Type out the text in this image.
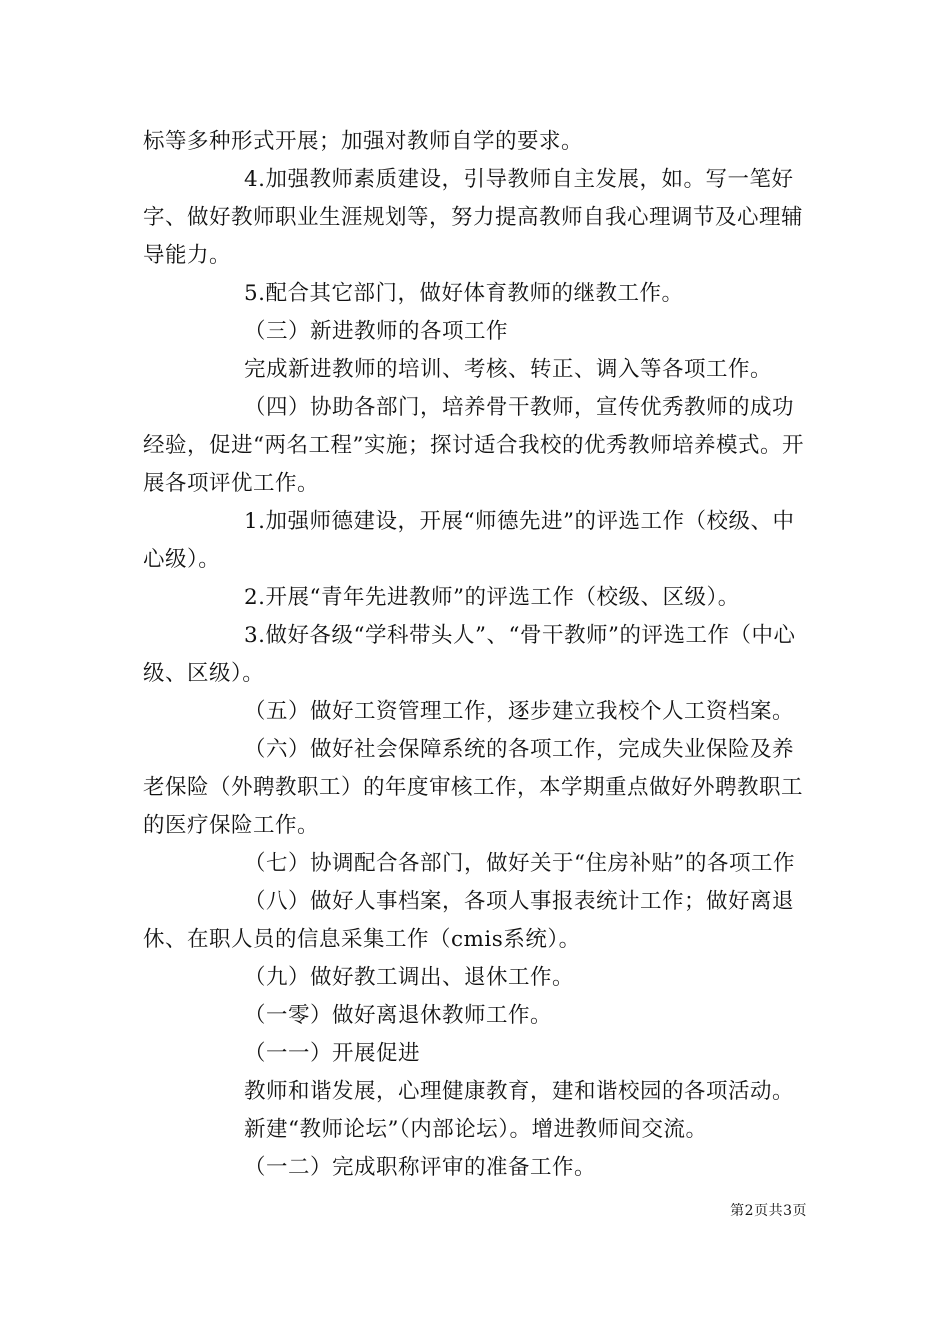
标等多种形式开展；加强对教师自学的要求。

4.加强教师素质建设，引导教师自主发展，如。写一笔好字、做好教师职业生涯规划等，努力提高教师自我心理调节及心理辅导能力。

5.配合其它部门，做好体育教师的继教工作。

（三）新进教师的各项工作

完成新进教师的培训、考核、转正、调入等各项工作。

（四）协助各部门，培养骨干教师，宣传优秀教师的成功经验，促进“两名工程”实施；探讨适合我校的优秀教师培养模式。开展各项评优工作。

1.加强师德建设，开展“师德先进”的评选工作（校级、中心级）。

2.开展“青年先进教师”的评选工作（校级、区级）。

3.做好各级“学科带头人”、“骨干教师”的评选工作（中心级、区级）。

（五）做好工资管理工作，逐步建立我校个人工资档案。

（六）做好社会保障系统的各项工作，完成失业保险及养老保险（外聘教职工）的年度审核工作，本学期重点做好外聘教职工的医疗保险工作。

（七）协调配合各部门，做好关于“住房补贴”的各项工作

（八）做好人事档案，各项人事报表统计工作；做好离退休、在职人员的信息采集工作（cmis系统）。

（九）做好教工调出、退休工作。

（一零）做好离退休教师工作。

（一一）开展促进

教师和谐发展，心理健康教育，建和谐校园的各项活动。

新建“教师论坛”（内部论坛）。增进教师间交流。

（一二）完成职称评审的准备工作。

第2页共3页
